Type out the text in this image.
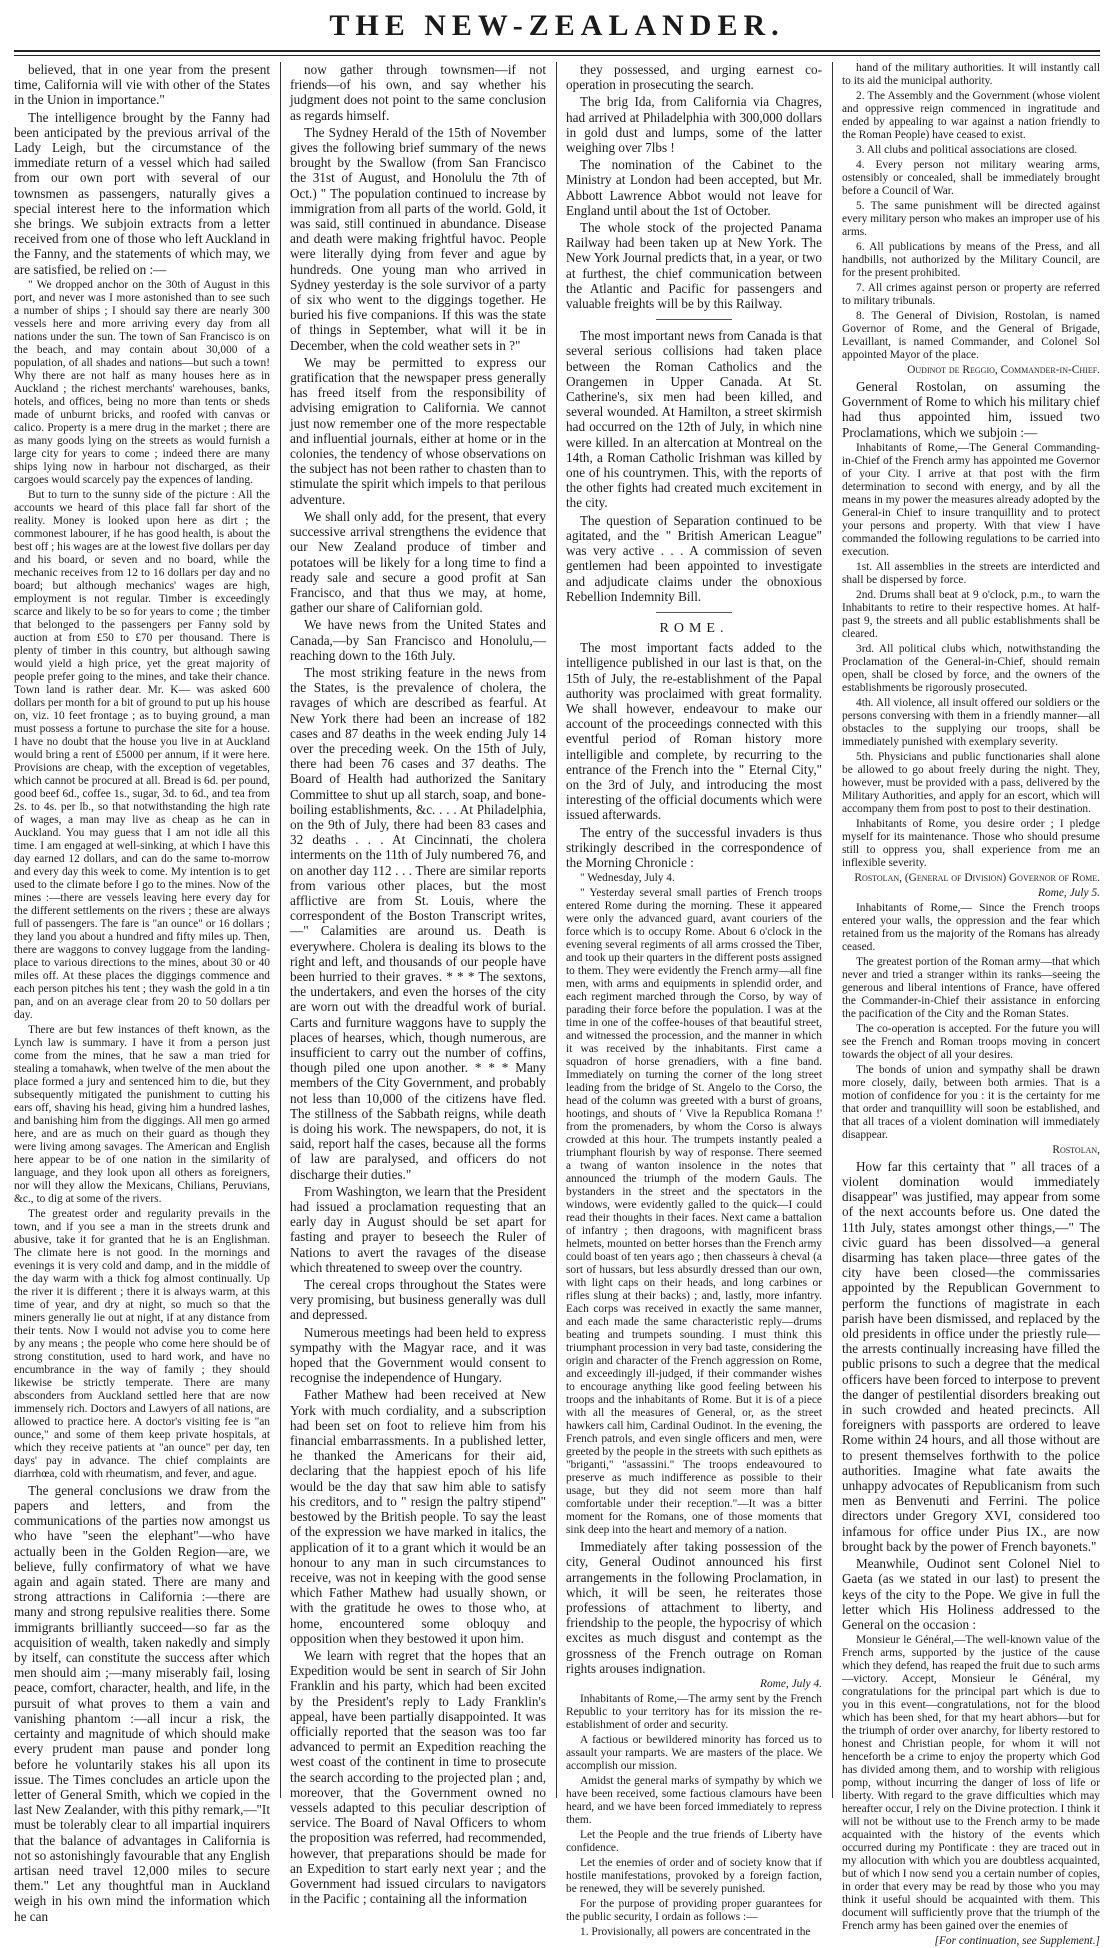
THE NEW-ZEALANDER.

believed, that in one year from the present time, California will vie with other of the States in the Union in importance."

The intelligence brought by the Fanny had been anticipated by the previous arrival of the Lady Leigh, but the circumstance of the immediate return of a vessel which had sailed from our own port with several of our townsmen as passengers, naturally gives a special interest here to the information which she brings. We subjoin extracts from a letter received from one of those who left Auckland in the Fanny, and the statements of which may, we are satisfied, be relied on :—

" We dropped anchor on the 30th of August in this port, and never was I more astonished than to see such a number of ships ; I should say there are nearly 300 vessels here and more arriving every day from all nations under the sun. The town of San Francisco is on the beach, and may contain about 30,000 of a population, of all shades and nations—but such a town! Why there are not half as many houses here as in Auckland ; the richest merchants' warehouses, banks, hotels, and offices, being no more than tents or sheds made of unburnt bricks, and roofed with canvas or calico. Property is a mere drug in the market ; there are as many goods lying on the streets as would furnish a large city for years to come ; indeed there are many ships lying now in harbour not discharged, as their cargoes would scarcely pay the expences of landing.

But to turn to the sunny side of the picture : All the accounts we heard of this place fall far short of the reality. Money is looked upon here as dirt ; the commonest labourer, if he has good health, is about the best off ; his wages are at the lowest five dollars per day and his board, or seven and no board, while the mechanic receives from 12 to 16 dollars per day and no board; but although mechanics' wages are high, employment is not regular. Timber is exceedingly scarce and likely to be so for years to come ; the timber that belonged to the passengers per Fanny sold by auction at from £50 to £70 per thousand. There is plenty of timber in this country, but although sawing would yield a high price, yet the great majority of people prefer going to the mines, and take their chance. Town land is rather dear. Mr. K— was asked 600 dollars per month for a bit of ground to put up his house on, viz. 10 feet frontage ; as to buying ground, a man must possess a fortune to purchase the site for a house. I have no doubt that the house you live in at Auckland would bring a rent of £5000 per annum, if it were here. Provisions are cheap, with the exception of vegetables, which cannot be procured at all. Bread is 6d. per pound, good beef 6d., coffee 1s., sugar, 3d. to 6d., and tea from 2s. to 4s. per lb., so that notwithstanding the high rate of wages, a man may live as cheap as he can in Auckland. You may guess that I am not idle all this time. I am engaged at well-sinking, at which I have this day earned 12 dollars, and can do the same to-morrow and every day this week to come. My intention is to get used to the climate before I go to the mines. Now of the mines :—there are vessels leaving here every day for the different settlements on the rivers ; these are always full of passengers. The fare is "an ounce" or 16 dollars ; they land you about a hundred and fifty miles up. Then, there are waggons to convey luggage from the landing-place to various directions to the mines, about 30 or 40 miles off. At these places the diggings commence and each person pitches his tent ; they wash the gold in a tin pan, and on an average clear from 20 to 50 dollars per day.

There are but few instances of theft known, as the Lynch law is summary. I have it from a person just come from the mines, that he saw a man tried for stealing a tomahawk, when twelve of the men about the place formed a jury and sentenced him to die, but they subsequently mitigated the punishment to cutting his ears off, shaving his head, giving him a hundred lashes, and banishing him from the diggings. All men go armed here, and are as much on their guard as though they were living among savages. The American and English here appear to be of one nation in the similarity of language, and they look upon all others as foreigners, nor will they allow the Mexicans, Chilians, Peruvians, &c., to dig at some of the rivers.

The greatest order and regularity prevails in the town, and if you see a man in the streets drunk and abusive, take it for granted that he is an Englishman. The climate here is not good. In the mornings and evenings it is very cold and damp, and in the middle of the day warm with a thick fog almost continually. Up the river it is different ; there it is always warm, at this time of year, and dry at night, so much so that the miners generally lie out at night, if at any distance from their tents. Now I would not advise you to come here by any means ; the people who come here should be of strong constitution, used to hard work, and have no encumbrance in the way of family ; they should likewise be strictly temperate. There are many absconders from Auckland settled here that are now immensely rich. Doctors and Lawyers of all nations, are allowed to practice here. A doctor's visiting fee is "an ounce," and some of them keep private hospitals, at which they receive patients at "an ounce" per day, ten days' pay in advance. The chief complaints are diarrhœa, cold with rheumatism, and fever, and ague.

The general conclusions we draw from the papers and letters, and from the communications of the parties now amongst us who have "seen the elephant"—who have actually been in the Golden Region—are, we believe, fully confirmatory of what we have again and again stated. There are many and strong attractions in California :—there are many and strong repulsive realities there. Some immigrants brilliantly succeed—so far as the acquisition of wealth, taken nakedly and simply by itself, can constitute the success after which men should aim ;—many miserably fail, losing peace, comfort, character, health, and life, in the pursuit of what proves to them a vain and vanishing phantom :—all incur a risk, the certainty and magnitude of which should make every prudent man pause and ponder long before he voluntarily stakes his all upon its issue. The Times concludes an article upon the letter of General Smith, which we copied in the last New Zealander, with this pithy remark,—"It must be tolerably clear to all impartial inquirers that the balance of advantages in California is not so astonishingly favourable that any English artisan need travel 12,000 miles to secure them." Let any thoughtful man in Auckland weigh in his own mind the information which he can

now gather through townsmen—if not friends—of his own, and say whether his judgment does not point to the same conclusion as regards himself.

The Sydney Herald of the 15th of November gives the following brief summary of the news brought by the Swallow (from San Francisco the 31st of August, and Honolulu the 7th of Oct.) " The population continued to increase by immigration from all parts of the world. Gold, it was said, still continued in abundance. Disease and death were making frightful havoc. People were literally dying from fever and ague by hundreds. One young man who arrived in Sydney yesterday is the sole survivor of a party of six who went to the diggings together. He buried his five companions. If this was the state of things in September, what will it be in December, when the cold weather sets in ?"

We may be permitted to express our gratification that the newspaper press generally has freed itself from the responsibility of advising emigration to California. We cannot just now remember one of the more respectable and influential journals, either at home or in the colonies, the tendency of whose observations on the subject has not been rather to chasten than to stimulate the spirit which impels to that perilous adventure.

We shall only add, for the present, that every successive arrival strengthens the evidence that our New Zealand produce of timber and potatoes will be likely for a long time to find a ready sale and secure a good profit at San Francisco, and that thus we may, at home, gather our share of Californian gold.

We have news from the United States and Canada,—by San Francisco and Honolulu,—reaching down to the 16th July.

The most striking feature in the news from the States, is the prevalence of cholera, the ravages of which are described as fearful. At New York there had been an increase of 182 cases and 87 deaths in the week ending July 14 over the preceding week. On the 15th of July, there had been 76 cases and 37 deaths. The Board of Health had authorized the Sanitary Committee to shut up all starch, soap, and bone-boiling establishments, &c. . . . At Philadelphia, on the 9th of July, there had been 83 cases and 32 deaths . . . At Cincinnati, the cholera interments on the 11th of July numbered 76, and on another day 112 . . . There are similar reports from various other places, but the most afflictive are from St. Louis, where the correspondent of the Boston Transcript writes,—" Calamities are around us. Death is everywhere. Cholera is dealing its blows to the right and left, and thousands of our people have been hurried to their graves. * * * The sextons, the undertakers, and even the horses of the city are worn out with the dreadful work of burial. Carts and furniture waggons have to supply the places of hearses, which, though numerous, are insufficient to carry out the number of coffins, though piled one upon another. * * * Many members of the City Government, and probably not less than 10,000 of the citizens have fled. The stillness of the Sabbath reigns, while death is doing his work. The newspapers, do not, it is said, report half the cases, because all the forms of law are paralysed, and officers do not discharge their duties."

From Washington, we learn that the President had issued a proclamation requesting that an early day in August should be set apart for fasting and prayer to beseech the Ruler of Nations to avert the ravages of the disease which threatened to sweep over the country.

The cereal crops throughout the States were very promising, but business generally was dull and depressed.

Numerous meetings had been held to express sympathy with the Magyar race, and it was hoped that the Government would consent to recognise the independence of Hungary.

Father Mathew had been received at New York with much cordiality, and a subscription had been set on foot to relieve him from his financial embarrassments. In a published letter, he thanked the Americans for their aid, declaring that the happiest epoch of his life would be the day that saw him able to satisfy his creditors, and to " resign the paltry stipend" bestowed by the British people. To say the least of the expression we have marked in italics, the application of it to a grant which it would be an honour to any man in such circumstances to receive, was not in keeping with the good sense which Father Mathew had usually shown, or with the gratitude he owes to those who, at home, encountered some obloquy and opposition when they bestowed it upon him.

We learn with regret that the hopes that an Expedition would be sent in search of Sir John Franklin and his party, which had been excited by the President's reply to Lady Franklin's appeal, have been partially disappointed. It was officially reported that the season was too far advanced to permit an Expedition reaching the west coast of the continent in time to prosecute the search according to the projected plan ; and, moreover, that the Government owned no vessels adapted to this peculiar description of service. The Board of Naval Officers to whom the proposition was referred, had recommended, however, that preparations should be made for an Expedition to start early next year ; and the Government had issued circulars to navigators in the Pacific ; containing all the information

they possessed, and urging earnest co-operation in prosecuting the search.

The brig Ida, from California via Chagres, had arrived at Philadelphia with 300,000 dollars in gold dust and lumps, some of the latter weighing over 7lbs !

The nomination of the Cabinet to the Ministry at London had been accepted, but Mr. Abbott Lawrence Abbot would not leave for England until about the 1st of October.

The whole stock of the projected Panama Railway had been taken up at New York. The New York Journal predicts that, in a year, or two at furthest, the chief communication between the Atlantic and Pacific for passengers and valuable freights will be by this Railway.

The most important news from Canada is that several serious collisions had taken place between the Roman Catholics and the Orangemen in Upper Canada. At St. Catherine's, six men had been killed, and several wounded. At Hamilton, a street skirmish had occurred on the 12th of July, in which nine were killed. In an altercation at Montreal on the 14th, a Roman Catholic Irishman was killed by one of his countrymen. This, with the reports of the other fights had created much excitement in the city.

The question of Separation continued to be agitated, and the " British American League" was very active . . . A commission of seven gentlemen had been appointed to investigate and adjudicate claims under the obnoxious Rebellion Indemnity Bill.

ROME.

The most important facts added to the intelligence published in our last is that, on the 15th of July, the re-establishment of the Papal authority was proclaimed with great formality. We shall however, endeavour to make our account of the proceedings connected with this eventful period of Roman history more intelligible and complete, by recurring to the entrance of the French into the " Eternal City," on the 3rd of July, and introducing the most interesting of the official documents which were issued afterwards.

The entry of the successful invaders is thus strikingly described in the correspondence of the Morning Chronicle :

" Wednesday, July 4.

" Yesterday several small parties of French troops entered Rome during the morning. These it appeared were only the advanced guard, avant couriers of the force which is to occupy Rome. About 6 o'clock in the evening several regiments of all arms crossed the Tiber, and took up their quarters in the different posts assigned to them. They were evidently the French army—all fine men, with arms and equipments in splendid order, and each regiment marched through the Corso, by way of parading their force before the population. I was at the time in one of the coffee-houses of that beautiful street, and witnessed the procession, and the manner in which it was received by the inhabitants. First came a squadron of horse grenadiers, with a fine band. Immediately on turning the corner of the long street leading from the bridge of St. Angelo to the Corso, the head of the column was greeted with a burst of groans, hootings, and shouts of ' Vive la Republica Romana !' from the promenaders, by whom the Corso is always crowded at this hour. The trumpets instantly pealed a triumphant flourish by way of response. There seemed a twang of wanton insolence in the notes that announced the triumph of the modern Gauls. The bystanders in the street and the spectators in the windows, were evidently galled to the quick—I could read their thoughts in their faces. Next came a battalion of infantry ; then dragoons, with magnificent brass helmets, mounted on better horses than the French army could boast of ten years ago ; then chasseurs à cheval (a sort of hussars, but less absurdly dressed than our own, with light caps on their heads, and long carbines or rifles slung at their backs) ; and, lastly, more infantry. Each corps was received in exactly the same manner, and each made the same characteristic reply—drums beating and trumpets sounding. I must think this triumphant procession in very bad taste, considering the origin and character of the French aggression on Rome, and exceedingly ill-judged, if their commander wishes to encourage anything like good feeling between his troops and the inhabitants of Rome. But it is of a piece with all the measures of General, or, as the street hawkers call him, Cardinal Oudinot. In the evening, the French patrols, and even single officers and men, were greeted by the people in the streets with such epithets as "briganti," "assassini." The troops endeavoured to preserve as much indifference as possible to their usage, but they did not seem more than half comfortable under their reception."—It was a bitter moment for the Romans, one of those moments that sink deep into the heart and memory of a nation.

Immediately after taking possession of the city, General Oudinot announced his first arrangements in the following Proclamation, in which, it will be seen, he reiterates those professions of attachment to liberty, and friendship to the people, the hypocrisy of which excites as much disgust and contempt as the grossness of the French outrage on Roman rights arouses indignation.

Rome, July 4.

Inhabitants of Rome,—The army sent by the French Republic to your territory has for its mission the re-establishment of order and security.

A factious or bewildered minority has forced us to assault your ramparts. We are masters of the place. We accomplish our mission.

Amidst the general marks of sympathy by which we have been received, some factious clamours have been heard, and we have been forced immediately to repress them.

Let the People and the true friends of Liberty have confidence.

Let the enemies of order and of society know that if hostile manifestations, provoked by a foreign faction, be renewed, they will be severely punished.

For the purpose of providing proper guarantees for the public security, I ordain as follows :—

1. Provisionally, all powers are concentrated in the

hand of the military authorities. It will instantly call to its aid the municipal authority.

2. The Assembly and the Government (whose violent and oppressive reign commenced in ingratitude and ended by appealing to war against a nation friendly to the Roman People) have ceased to exist.

3. All clubs and political associations are closed.

4. Every person not military wearing arms, ostensibly or concealed, shall be immediately brought before a Council of War.

5. The same punishment will be directed against every military person who makes an improper use of his arms.

6. All publications by means of the Press, and all handbills, not authorized by the Military Council, are for the present prohibited.

7. All crimes against person or property are referred to military tribunals.

8. The General of Division, Rostolan, is named Governor of Rome, and the General of Brigade, Levaillant, is named Commander, and Colonel Sol appointed Mayor of the place.

Oudinot de Reggio, Commander-in-Chief.

General Rostolan, on assuming the Government of Rome to which his military chief had thus appointed him, issued two Proclamations, which we subjoin :—

Inhabitants of Rome,—The General Commanding-in-Chief of the French army has appointed me Governor of your City. I arrive at that post with the firm determination to second with energy, and by all the means in my power the measures already adopted by the General-in Chief to insure tranquillity and to protect your persons and property. With that view I have commanded the following regulations to be carried into execution.

1st. All assemblies in the streets are interdicted and shall be dispersed by force.

2nd. Drums shall beat at 9 o'clock, p.m., to warn the Inhabitants to retire to their respective homes. At half-past 9, the streets and all public establishments shall be cleared.

3rd. All political clubs which, notwithstanding the Proclamation of the General-in-Chief, should remain open, shall be closed by force, and the owners of the establishments be rigorously prosecuted.

4th. All violence, all insult offered our soldiers or the persons conversing with them in a friendly manner—all obstacles to the supplying our troops, shall be immediately punished with exemplary severity.

5th. Physicians and public functionaries shall alone be allowed to go about freely during the night. They, however, must be provided with a pass, delivered by the Military Authorities, and apply for an escort, which will accompany them from post to post to their destination.

Inhabitants of Rome, you desire order ; I pledge myself for its maintenance. Those who should presume still to oppress you, shall experience from me an inflexible severity.

Rostolan, (General of Division) Governor of Rome.

Rome, July 5.

Inhabitants of Rome,— Since the French troops entered your walls, the oppression and the fear which retained from us the majority of the Romans has already ceased.

The greatest portion of the Roman army—that which never and tried a stranger within its ranks—seeing the generous and liberal intentions of France, have offered the Commander-in-Chief their assistance in enforcing the pacification of the City and the Roman States.

The co-operation is accepted. For the future you will see the French and Roman troops moving in concert towards the object of all your desires.

The bonds of union and sympathy shall be drawn more closely, daily, between both armies. That is a motion of confidence for you : it is the certainty for me that order and tranquillity will soon be established, and that all traces of a violent domination will immediately disappear.

Rostolan,

How far this certainty that " all traces of a violent domination would immediately disappear" was justified, may appear from some of the next accounts before us. One dated the 11th July, states amongst other things,—" The civic guard has been dissolved—a general disarming has taken place—three gates of the city have been closed—the commissaries appointed by the Republican Government to perform the functions of magistrate in each parish have been dismissed, and replaced by the old presidents in office under the priestly rule—the arrests continually increasing have filled the public prisons to such a degree that the medical officers have been forced to interpose to prevent the danger of pestilential disorders breaking out in such crowded and heated precincts. All foreigners with passports are ordered to leave Rome within 24 hours, and all those without are to present themselves forthwith to the police authorities. Imagine what fate awaits the unhappy advocates of Republicanism from such men as Benvenuti and Ferrini. The police directors under Gregory XVI, considered too infamous for office under Pius IX., are now brought back by the power of French bayonets."

Meanwhile, Oudinot sent Colonel Niel to Gaeta (as we stated in our last) to present the keys of the city to the Pope. We give in full the letter which His Holiness addressed to the General on the occasion :

Monsieur le Général,—The well-known value of the French arms, supported by the justice of the cause which they defend, has reaped the fruit due to such arms—victory. Accept, Monsieur le Général, my congratulations for the principal part which is due to you in this event—congratulations, not for the blood which has been shed, for that my heart abhors—but for the triumph of order over anarchy, for liberty restored to honest and Christian people, for whom it will not henceforth be a crime to enjoy the property which God has divided among them, and to worship with religious pomp, without incurring the danger of loss of life or liberty. With regard to the grave difficulties which may hereafter occur, I rely on the Divine protection. I think it will not be without use to the French army to be made acquainted with the history of the events which occurred during my Pontificate : they are traced out in my allocution with which you are doubtless acquainted, but of which I now send you a certain number of copies, in order that every may be read by those who you may think it useful should be acquainted with them. This document will sufficiently prove that the triumph of the French army has been gained over the enemies of

[For continuation, see Supplement.]
